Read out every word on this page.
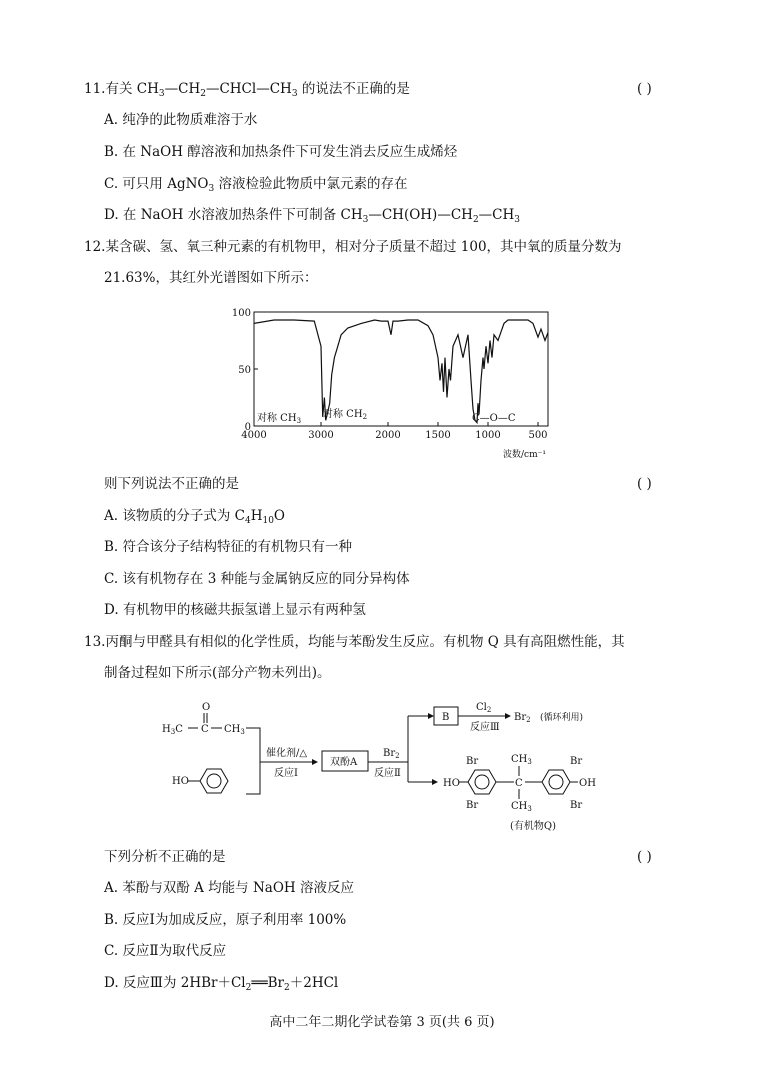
11.有关 $CH_3—CH_2—CHCl—CH_3$ 的说法不正确的是	( )
A. 纯净的此物质难溶于水
B. 在 NaOH 醇溶液和加热条件下可发生消去反应生成烯烃
C. 可只用 AgNO$_3$ 溶液检验此物质中氯元素的存在
D. 在 NaOH 水溶液加热条件下可制备 $CH_3—CH(OH)—CH_2—CH_3$
12.某含碳、氢、氧三种元素的有机物甲，相对分子质量不超过 100，其中氧的质量分数为
21.63%，其红外光谱图如下所示：
100
50
0
4000	3000	2000 1500 1000	500
对称 $CH_3$
对称 $CH_2$	C—O—C
波数/cm⁻¹
则下列说法不正确的是	( )
A. 该物质的分子式为 $C_4H_{10}O$
B. 符合该分子结构特征的有机物只有一种
C. 该有机物存在 3 种能与金属钠反应的同分异构体
D. 有机物甲的核磁共振氢谱上显示有两种氢
13.丙酮与甲醛具有相似的化学性质，均能与苯酚发生反应。有机物 Q 具有高阻燃性能，其
制备过程如下所示(部分产物未列出)。
O
$H_3C$ C $CH_3$
HO
催化剂/△
反应Ⅰ
双酚A
$Br_2$
反应Ⅱ
B
$Cl_2$
反应Ⅲ
$Br_2$ (循环利用)
HO
Br
Br
C
$CH_3$
$CH_3$
Br
Br
OH
(有机物Q)
下列分析不正确的是	( )
A. 苯酚与双酚 A 均能与 NaOH 溶液反应
B. 反应Ⅰ为加成反应，原子利用率 100%
C. 反应Ⅱ为取代反应
D. 反应Ⅲ为 $2HBr+Cl_2══Br_2+2HCl$
高中二年二期化学试卷第 3 页(共 6 页)
